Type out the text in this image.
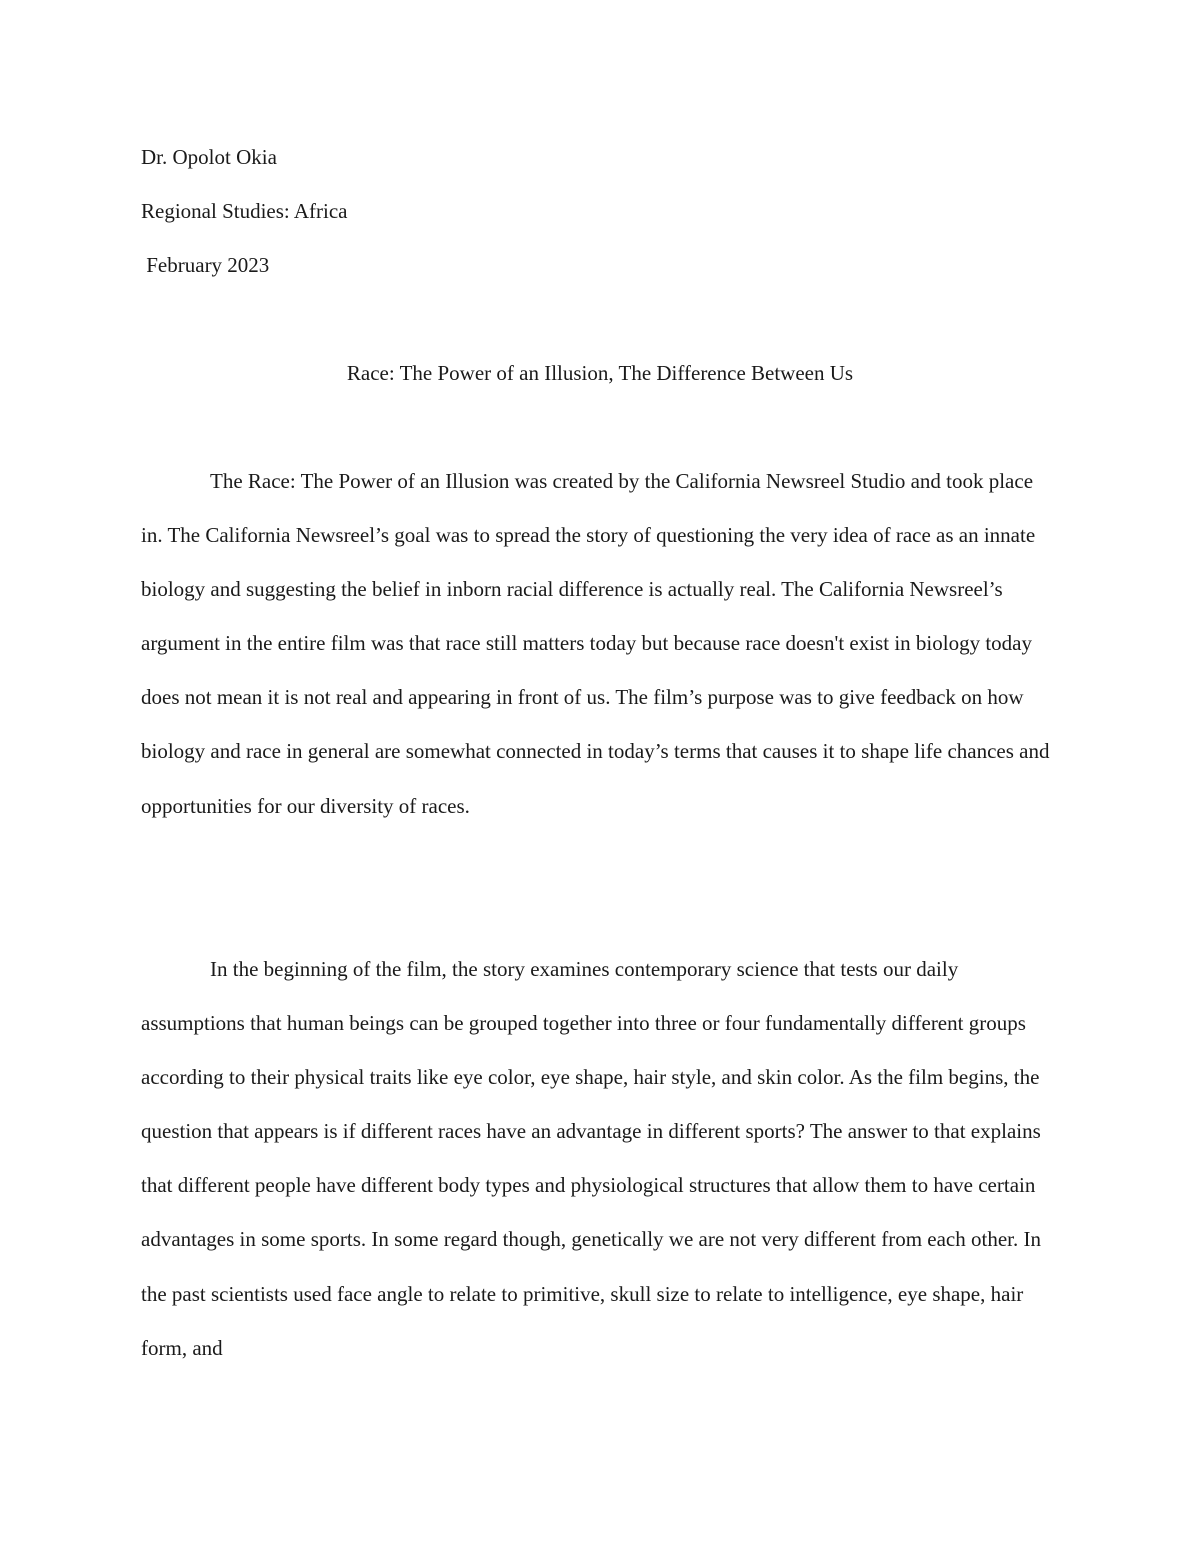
Dr. Opolot Okia
Regional Studies: Africa
February 2023
Race: The Power of an Illusion, The Difference Between Us

The Race: The Power of an Illusion was created by the California Newsreel Studio and took place in. The California Newsreel’s goal was to spread the story of questioning the very idea of race as an innate biology and suggesting the belief in inborn racial difference is actually real. The California Newsreel’s argument in the entire film was that race still matters today but because race doesn't exist in biology today does not mean it is not real and appearing in front of us. The film’s purpose was to give feedback on how biology and race in general are somewhat connected in today’s terms that causes it to shape life chances and opportunities for our diversity of races.

In the beginning of the film, the story examines contemporary science that tests our daily assumptions that human beings can be grouped together into three or four fundamentally different groups according to their physical traits like eye color, eye shape, hair style, and skin color. As the film begins, the question that appears is if different races have an advantage in different sports? The answer to that explains that different people have different body types and physiological structures that allow them to have certain advantages in some sports. In some regard though, genetically we are not very different from each other. In the past scientists used face angle to relate to primitive, skull size to relate to intelligence, eye shape, hair form, and
